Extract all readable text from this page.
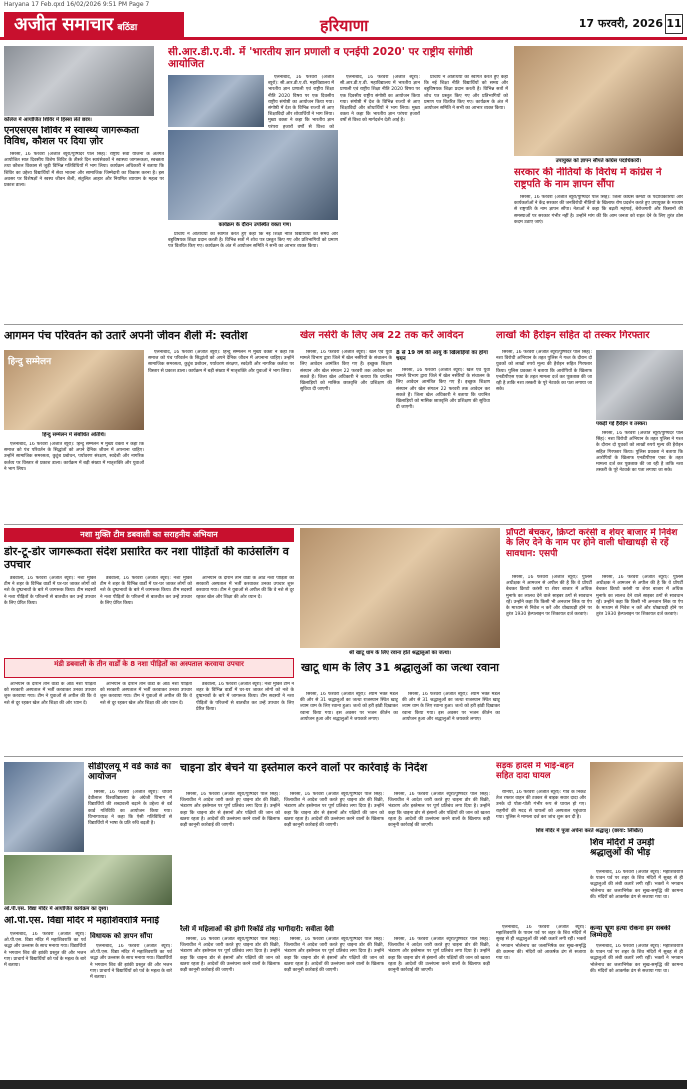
Haryana 17 Feb.qxd 16/02/2026 9:51 PM Page 7
अजीत समाचार बठिंडा	हरियाणा	17 फरवरी, 2026 11
कॉलेज में आयोजित शिविर में हिस्सा लेते छात्र।
एनएसएस शिविर में स्वास्थ्य जागरूकता विविध, कौशल पर दिया ज़ोर

सिरसा, 16 फरवरी (अजीत ब्यूरो/पुष्पिंदर पाल सिंह): राष्ट्रीय सेवा योजना के अंतर्गत आयोजित सात दिवसीय विशेष शिविर के तीसरे दिन स्वयंसेवकों ने स्वास्थ्य जागरूकता, स्वच्छता तथा कौशल विकास से जुड़ी विभिन्न गतिविधियों में भाग लिया। कार्यक्रम अधिकारी ने बताया कि शिविर का उद्देश्य विद्यार्थियों में सेवा भावना और सामाजिक जिम्मेदारी का विकास करना है। इस अवसर पर विशेषज्ञों ने स्वस्थ जीवन शैली, संतुलित आहार और नियमित व्यायाम के महत्व पर प्रकाश डाला।

सी.आर.डी.ए.वी. में 'भारतीय ज्ञान प्रणाली व एनईपी 2020' पर राष्ट्रीय संगोष्ठी आयोजित

ऐलनाबाद, 16 फरवरी (अजीत ब्यूरो): सी.आर.डी.ए.वी. महाविद्यालय में भारतीय ज्ञान प्रणाली एवं राष्ट्रीय शिक्षा नीति 2020 विषय पर एक दिवसीय राष्ट्रीय संगोष्ठी का आयोजन किया गया। संगोष्ठी में देश के विभिन्न राज्यों से आए शिक्षाविदों और शोधार्थियों ने भाग लिया। मुख्य वक्ता ने कहा कि भारतीय ज्ञान परंपरा हजारों वर्षों से विश्व को

कार्यक्रम के दौरान उपस्थित वक्ता गण।

ऐलनाबाद, 16 फरवरी (अजीत ब्यूरो): सी.आर.डी.ए.वी. महाविद्यालय में भारतीय ज्ञान प्रणाली एवं राष्ट्रीय शिक्षा नीति 2020 विषय पर एक दिवसीय राष्ट्रीय संगोष्ठी का आयोजन किया गया। संगोष्ठी में देश के विभिन्न राज्यों से आए शिक्षाविदों और शोधार्थियों ने भाग लिया। मुख्य वक्ता ने कहा कि भारतीय ज्ञान परंपरा हजारों वर्षों से विश्व को मार्गदर्शन देती आई है।

प्राचार्य ने अतिथियों का स्वागत करते हुए कहा कि नई शिक्षा नीति विद्यार्थियों को समग्र और बहुविषयक शिक्षा प्रदान करती है। विभिन्न सत्रों में शोध पत्र प्रस्तुत किए गए और प्रतिभागियों को प्रमाण पत्र वितरित किए गए। कार्यक्रम के अंत में आयोजन समिति ने सभी का आभार व्यक्त किया।

प्राचार्य ने अतिथियों का स्वागत करते हुए कहा कि नई शिक्षा नीति विद्यार्थियों को समग्र और बहुविषयक शिक्षा प्रदान करती है। विभिन्न सत्रों में शोध पत्र प्रस्तुत किए गए और प्रतिभागियों को प्रमाण पत्र वितरित किए गए। कार्यक्रम के अंत में आयोजन समिति ने सभी का आभार व्यक्त किया।

उपायुक्त को ज्ञापन सौंपते कांग्रेस पदाधिकारी।
सरकार की नीतियों के विरोध में कांग्रेस ने राष्ट्रपति के नाम ज्ञापन सौंपा

सिरसा, 16 फरवरी (अजीत ब्यूरो/पुष्पिंदर पाल सिंह): जिला कांग्रेस कमेटी के पदाधिकारियों और कार्यकर्ताओं ने केंद्र सरकार की जनविरोधी नीतियों के खिलाफ रोष प्रदर्शन करते हुए उपायुक्त के माध्यम से राष्ट्रपति के नाम ज्ञापन सौंपा। नेताओं ने कहा कि बढ़ती महंगाई, बेरोजगारी और किसानों की समस्याओं पर सरकार गंभीर नहीं है। उन्होंने मांग की कि आम जनता को राहत देने के लिए तुरंत ठोस कदम उठाए जाएं।

आगमन पंच परिवर्तन को उतारें अपनी जीवन शैली में: स्वतीश
हिन्दु सम्मेलन
हिन्दु सम्मेलन में संबोधित अतिथि।

ऐलनाबाद, 16 फरवरी (अजीत ब्यूरो): हिन्दु सम्मेलन में मुख्य वक्ता ने कहा कि समाज को पंच परिवर्तन के सिद्धांतों को अपने दैनिक जीवन में अपनाना चाहिए। उन्होंने सामाजिक समरसता, कुटुंब प्रबोधन, पर्यावरण संरक्षण, स्वदेशी और नागरिक कर्तव्य पर विस्तार से प्रकाश डाला। कार्यक्रम में बड़ी संख्या में मातृशक्ति और युवाओं ने भाग लिया।

ऐलनाबाद, 16 फरवरी (अजीत ब्यूरो): हिन्दु सम्मेलन में मुख्य वक्ता ने कहा कि समाज को पंच परिवर्तन के सिद्धांतों को अपने दैनिक जीवन में अपनाना चाहिए। उन्होंने सामाजिक समरसता, कुटुंब प्रबोधन, पर्यावरण संरक्षण, स्वदेशी और नागरिक कर्तव्य पर विस्तार से प्रकाश डाला। कार्यक्रम में बड़ी संख्या में मातृशक्ति और युवाओं ने भाग लिया।

खेल नर्सरी के लिए अब 22 तक करें आवेदन

सिरसा, 16 फरवरी (अजीत ब्यूरो): खेल एवं युवा मामले विभाग द्वारा जिले में खेल नर्सरियों के संचालन के लिए आवेदन आमंत्रित किए गए हैं। इच्छुक शिक्षण संस्थान और खेल संगठन 22 फरवरी तक आवेदन कर सकते हैं। जिला खेल अधिकारी ने बताया कि चयनित खिलाड़ियों को मासिक छात्रवृत्ति और प्रशिक्षण की सुविधा दी जाएगी।

8 से 19 वर्ष की आयु के खिलाड़ियों का होगा चयन

सिरसा, 16 फरवरी (अजीत ब्यूरो): खेल एवं युवा मामले विभाग द्वारा जिले में खेल नर्सरियों के संचालन के लिए आवेदन आमंत्रित किए गए हैं। इच्छुक शिक्षण संस्थान और खेल संगठन 22 फरवरी तक आवेदन कर सकते हैं। जिला खेल अधिकारी ने बताया कि चयनित खिलाड़ियों को मासिक छात्रवृत्ति और प्रशिक्षण की सुविधा दी जाएगी।

लाखों की हैरोइन सहित दो तस्कर गिरफ्तार
पकड़ी गई हैरोइन व तस्कर।

सिरसा, 16 फरवरी (अजीत ब्यूरो/पुष्पिंदर पाल सिंह): नशा विरोधी अभियान के तहत पुलिस ने गश्त के दौरान दो युवकों को लाखों रुपये मूल्य की हैरोइन सहित गिरफ्तार किया। पुलिस प्रवक्ता ने बताया कि आरोपियों के खिलाफ एनडीपीएस एक्ट के तहत मामला दर्ज कर पूछताछ की जा रही है ताकि नशा तस्करी के पूरे नेटवर्क का पता लगाया जा सके।

सिरसा, 16 फरवरी (अजीत ब्यूरो/पुष्पिंदर पाल सिंह): नशा विरोधी अभियान के तहत पुलिस ने गश्त के दौरान दो युवकों को लाखों रुपये मूल्य की हैरोइन सहित गिरफ्तार किया। पुलिस प्रवक्ता ने बताया कि आरोपियों के खिलाफ एनडीपीएस एक्ट के तहत मामला दर्ज कर पूछताछ की जा रही है ताकि नशा तस्करी के पूरे नेटवर्क का पता लगाया जा सके।

नशा मुक्ति टीम डबवाली का सराहनीय अभियान
डोर-टू-डोर जागरूकता संदेश प्रसारित कर नशा पीड़ितों की काउंसलिंग व उपचार

डबवाली, 16 फरवरी (अजीत ब्यूरो): नशा मुक्ति टीम ने शहर के विभिन्न वार्डों में घर-घर जाकर लोगों को नशे के दुष्प्रभावों के बारे में जागरूक किया। टीम सदस्यों ने नशा पीड़ितों के परिजनों से बातचीत कर उन्हें उपचार के लिए प्रेरित किया।

डबवाली, 16 फरवरी (अजीत ब्यूरो): नशा मुक्ति टीम ने शहर के विभिन्न वार्डों में घर-घर जाकर लोगों को नशे के दुष्प्रभावों के बारे में जागरूक किया। टीम सदस्यों ने नशा पीड़ितों के परिजनों से बातचीत कर उन्हें उपचार के लिए प्रेरित किया।

अभियान के दौरान तीन वार्डों के आठ नशा पीड़ितों को सरकारी अस्पताल में भर्ती करवाकर उनका उपचार शुरू करवाया गया। टीम ने युवाओं से अपील की कि वे नशे से दूर रहकर खेल और शिक्षा की ओर ध्यान दें।

मंडी डबवाली के तीन वार्डों के 8 नशा पीड़ितों का अस्पताल करवाया उपचार

अभियान के दौरान तीन वार्डों के आठ नशा पीड़ितों को सरकारी अस्पताल में भर्ती करवाकर उनका उपचार शुरू करवाया गया। टीम ने युवाओं से अपील की कि वे नशे से दूर रहकर खेल और शिक्षा की ओर ध्यान दें।

अभियान के दौरान तीन वार्डों के आठ नशा पीड़ितों को सरकारी अस्पताल में भर्ती करवाकर उनका उपचार शुरू करवाया गया। टीम ने युवाओं से अपील की कि वे नशे से दूर रहकर खेल और शिक्षा की ओर ध्यान दें।

डबवाली, 16 फरवरी (अजीत ब्यूरो): नशा मुक्ति टीम ने शहर के विभिन्न वार्डों में घर-घर जाकर लोगों को नशे के दुष्प्रभावों के बारे में जागरूक किया। टीम सदस्यों ने नशा पीड़ितों के परिजनों से बातचीत कर उन्हें उपचार के लिए प्रेरित किया।

श्री खाटू धाम के लिए रवाना होते श्रद्धालुओं का जत्था।
खाटू धाम के लिए 31 श्रद्धालुओं का जत्था रवाना

सिरसा, 16 फरवरी (अजीत ब्यूरो): श्याम भक्त मंडल की ओर से 31 श्रद्धालुओं का जत्था राजस्थान स्थित खाटू श्याम धाम के लिए रवाना हुआ। जत्थे को हरी झंडी दिखाकर रवाना किया गया। इस अवसर पर भजन कीर्तन का आयोजन हुआ और श्रद्धालुओं ने जयकारे लगाए।

सिरसा, 16 फरवरी (अजीत ब्यूरो): श्याम भक्त मंडल की ओर से 31 श्रद्धालुओं का जत्था राजस्थान स्थित खाटू श्याम धाम के लिए रवाना हुआ। जत्थे को हरी झंडी दिखाकर रवाना किया गया। इस अवसर पर भजन कीर्तन का आयोजन हुआ और श्रद्धालुओं ने जयकारे लगाए।

प्रॉपर्टी बेचकर, क्रिप्टो करंसी व शेयर बाजार में निवेश के लिए देने के नाम पर होने वाली धोखाधड़ी से रहें सावधान: एसपी

सिरसा, 16 फरवरी (अजीत ब्यूरो): पुलिस अधीक्षक ने आमजन से अपील की है कि वे प्रॉपर्टी बेचकर क्रिप्टो करंसी या शेयर बाजार में अधिक मुनाफे का लालच देने वाले साइबर ठगों से सावधान रहें। उन्होंने कहा कि किसी भी अनजान लिंक या ऐप के माध्यम से निवेश न करें और धोखाधड़ी होने पर तुरंत 1930 हेल्पलाइन पर शिकायत दर्ज करवाएं।

सिरसा, 16 फरवरी (अजीत ब्यूरो): पुलिस अधीक्षक ने आमजन से अपील की है कि वे प्रॉपर्टी बेचकर क्रिप्टो करंसी या शेयर बाजार में अधिक मुनाफे का लालच देने वाले साइबर ठगों से सावधान रहें। उन्होंने कहा कि किसी भी अनजान लिंक या ऐप के माध्यम से निवेश न करें और धोखाधड़ी होने पर तुरंत 1930 हेल्पलाइन पर शिकायत दर्ज करवाएं।

सीडीएलयू में वर्ड कार्ड का आयोजन

सिरसा, 16 फरवरी (अजीत ब्यूरो): चौधरी देवीलाल विश्वविद्यालय के अंग्रेजी विभाग में विद्यार्थियों की शब्दावली बढ़ाने के उद्देश्य से वर्ड कार्ड गतिविधि का आयोजन किया गया। विभागाध्यक्ष ने कहा कि ऐसी गतिविधियों से विद्यार्थियों में भाषा के प्रति रुचि बढ़ती है।

ओ.पी.एस. विद्या मंदिर में आयोजित कार्यक्रम का दृश्य।
ओ.पी.एस. विद्या मंदिर में महाशिवरात्रि मनाई

ऐलनाबाद, 16 फरवरी (अजीत ब्यूरो): ओ.पी.एस. विद्या मंदिर में महाशिवरात्रि का पर्व श्रद्धा और उल्लास के साथ मनाया गया। विद्यार्थियों ने भगवान शिव की झांकी प्रस्तुत की और भजन गाए। प्राचार्य ने विद्यार्थियों को पर्व के महत्व के बारे में बताया।

विधायक को ज्ञापन सौंपा

ऐलनाबाद, 16 फरवरी (अजीत ब्यूरो): ओ.पी.एस. विद्या मंदिर में महाशिवरात्रि का पर्व श्रद्धा और उल्लास के साथ मनाया गया। विद्यार्थियों ने भगवान शिव की झांकी प्रस्तुत की और भजन गाए। प्राचार्य ने विद्यार्थियों को पर्व के महत्व के बारे में बताया।

चाइना डोर बेचने या इस्तेमाल करने वालों पर कार्रवाई के निर्देश

सिरसा, 16 फरवरी (अजीत ब्यूरो/पुष्पिंदर पाल सिंह): जिलाधीश ने आदेश जारी करते हुए चाइना डोर की बिक्री, भंडारण और इस्तेमाल पर पूर्ण प्रतिबंध लगा दिया है। उन्होंने कहा कि चाइना डोर से इंसानों और पक्षियों की जान को खतरा रहता है। आदेशों की उल्लंघना करने वालों के खिलाफ कड़ी कानूनी कार्रवाई की जाएगी।

सिरसा, 16 फरवरी (अजीत ब्यूरो/पुष्पिंदर पाल सिंह): जिलाधीश ने आदेश जारी करते हुए चाइना डोर की बिक्री, भंडारण और इस्तेमाल पर पूर्ण प्रतिबंध लगा दिया है। उन्होंने कहा कि चाइना डोर से इंसानों और पक्षियों की जान को खतरा रहता है। आदेशों की उल्लंघना करने वालों के खिलाफ कड़ी कानूनी कार्रवाई की जाएगी।

सिरसा, 16 फरवरी (अजीत ब्यूरो/पुष्पिंदर पाल सिंह): जिलाधीश ने आदेश जारी करते हुए चाइना डोर की बिक्री, भंडारण और इस्तेमाल पर पूर्ण प्रतिबंध लगा दिया है। उन्होंने कहा कि चाइना डोर से इंसानों और पक्षियों की जान को खतरा रहता है। आदेशों की उल्लंघना करने वालों के खिलाफ कड़ी कानूनी कार्रवाई की जाएगी।

रैली में महिलाओं की होगी रिकॉर्ड तोड़ भागीदारी: सवीता देवी

सिरसा, 16 फरवरी (अजीत ब्यूरो/पुष्पिंदर पाल सिंह): जिलाधीश ने आदेश जारी करते हुए चाइना डोर की बिक्री, भंडारण और इस्तेमाल पर पूर्ण प्रतिबंध लगा दिया है। उन्होंने कहा कि चाइना डोर से इंसानों और पक्षियों की जान को खतरा रहता है। आदेशों की उल्लंघना करने वालों के खिलाफ कड़ी कानूनी कार्रवाई की जाएगी।

सिरसा, 16 फरवरी (अजीत ब्यूरो/पुष्पिंदर पाल सिंह): जिलाधीश ने आदेश जारी करते हुए चाइना डोर की बिक्री, भंडारण और इस्तेमाल पर पूर्ण प्रतिबंध लगा दिया है। उन्होंने कहा कि चाइना डोर से इंसानों और पक्षियों की जान को खतरा रहता है। आदेशों की उल्लंघना करने वालों के खिलाफ कड़ी कानूनी कार्रवाई की जाएगी।

सिरसा, 16 फरवरी (अजीत ब्यूरो/पुष्पिंदर पाल सिंह): जिलाधीश ने आदेश जारी करते हुए चाइना डोर की बिक्री, भंडारण और इस्तेमाल पर पूर्ण प्रतिबंध लगा दिया है। उन्होंने कहा कि चाइना डोर से इंसानों और पक्षियों की जान को खतरा रहता है। आदेशों की उल्लंघना करने वालों के खिलाफ कड़ी कानूनी कार्रवाई की जाएगी।

सड़क हादसे में भाई-बहन सहित दादा घायल

रानियां, 16 फरवरी (अजीत ब्यूरो): गांव के निकट तेज रफ्तार वाहन की टक्कर से बाइक सवार दादा और उनके दो पोता-पोती गंभीर रूप से घायल हो गए। राहगीरों की मदद से घायलों को अस्पताल पहुंचाया गया। पुलिस ने मामला दर्ज कर जांच शुरू कर दी है।

शिव मंदिर में पूजा अर्चना करते श्रद्धालु। (छाया: लिखित)
शिव मंदिरों में उमड़ी श्रद्धालुओं की भीड़

ऐलनाबाद, 16 फरवरी (अजीत ब्यूरो): महाशिवरात्रि के पावन पर्व पर शहर के शिव मंदिरों में सुबह से ही श्रद्धालुओं की लंबी कतारें लगी रहीं। भक्तों ने भगवान भोलेनाथ का जलाभिषेक कर सुख-समृद्धि की कामना की। मंदिरों को आकर्षक ढंग से सजाया गया था।

ऐलनाबाद, 16 फरवरी (अजीत ब्यूरो): महाशिवरात्रि के पावन पर्व पर शहर के शिव मंदिरों में सुबह से ही श्रद्धालुओं की लंबी कतारें लगी रहीं। भक्तों ने भगवान भोलेनाथ का जलाभिषेक कर सुख-समृद्धि की कामना की। मंदिरों को आकर्षक ढंग से सजाया गया था।

कन्या भ्रूण हत्या रोकना हम सबकी जिम्मेदारी

ऐलनाबाद, 16 फरवरी (अजीत ब्यूरो): महाशिवरात्रि के पावन पर्व पर शहर के शिव मंदिरों में सुबह से ही श्रद्धालुओं की लंबी कतारें लगी रहीं। भक्तों ने भगवान भोलेनाथ का जलाभिषेक कर सुख-समृद्धि की कामना की। मंदिरों को आकर्षक ढंग से सजाया गया था।
